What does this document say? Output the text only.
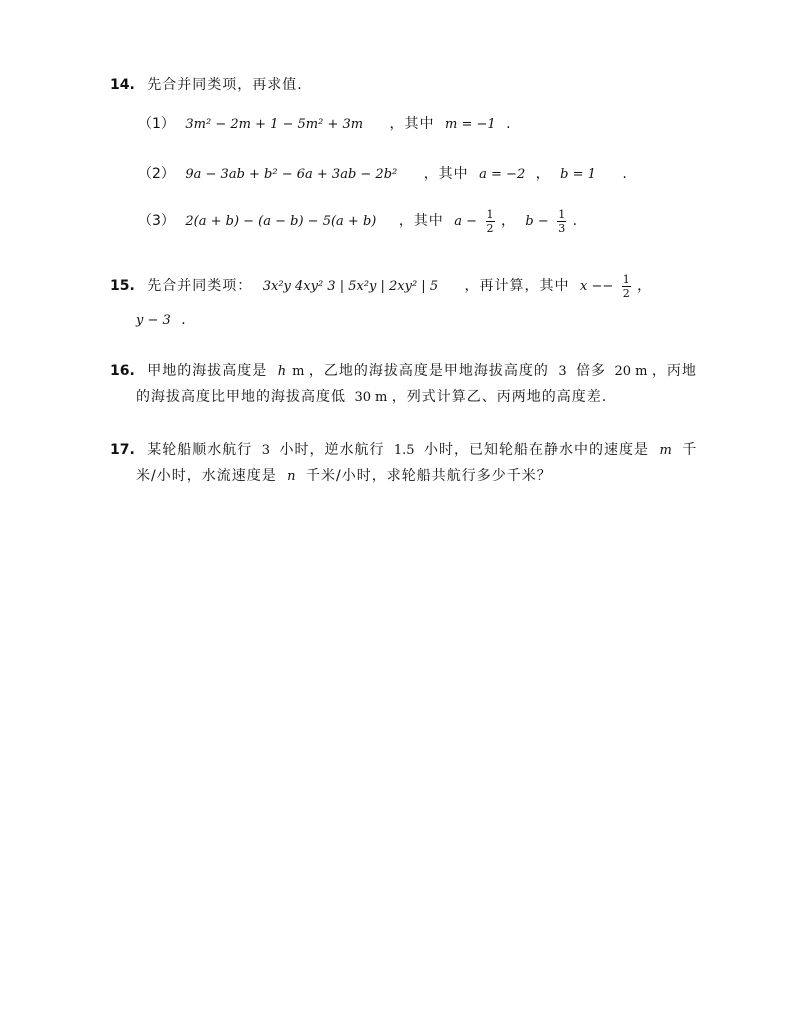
14. 先合并同类项，再求值.
（1） 3m² − 2m + 1 − 5m² + 3m ，其中 m = −1 .
（2） 9a − 3ab + b² − 6a + 3ab − 2b² ，其中 a = −2 ， b = 1 .
（3） 2(a + b) − (a − b) − 5(a + b) ，其中 $a - \frac{1}{2}$ ， $b - \frac{1}{3}$ .
15. 先合并同类项： 3x²y 4xy² 3 | 5x²y | 2xy² | 5 ，再计算，其中 $x -- \frac{1}{2}$ ，
y − 3 .
16. 甲地的海拔高度是 h m ，乙地的海拔高度是甲地海拔高度的 3 倍多 20 m ，丙地
的海拔高度比甲地的海拔高度低 30 m ，列式计算乙、丙两地的高度差.
17. 某轮船顺水航行 3 小时，逆水航行 1.5 小时，已知轮船在静水中的速度是 m 千
米/小时，水流速度是 n 千米/小时，求轮船共航行多少千米？
